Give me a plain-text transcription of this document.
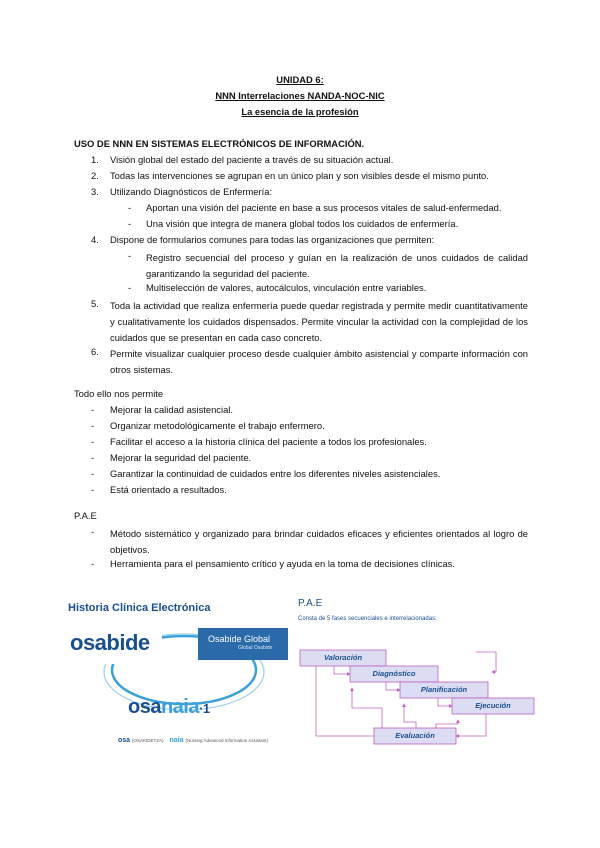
UNIDAD 6:
NNN Interrelaciones NANDA-NOC-NIC
La esencia de la profesión
USO DE NNN EN SISTEMAS ELECTRÓNICOS DE INFORMACIÓN.
1. Visión global del estado del paciente a través de su situación actual.
2. Todas las intervenciones se agrupan en un único plan y son visibles desde el mismo punto.
3. Utilizando Diagnósticos de Enfermería:
- Aportan una visión del paciente en base a sus procesos vitales de salud-enfermedad.
- Una visión que integra de manera global todos los cuidados de enfermería.
4. Dispone de formularios comunes para todas las organizaciones que permiten:
- Registro secuencial del proceso y guían en la realización de unos cuidados de calidad garantizando la seguridad del paciente.
- Multiselección de valores, autocálculos, vinculación entre variables.
5. Toda la actividad que realiza enfermería puede quedar registrada y permite medir cuantitativamente y cualitativamente los cuidados dispensados. Permite vincular la actividad con la complejidad de los cuidados que se presentan en cada caso concreto.
6. Permite visualizar cualquier proceso desde cualquier ámbito asistencial y comparte información con otros sistemas.
Todo ello nos permite
- Mejorar la calidad asistencial.
- Organizar metodológicamente el trabajo enfermero.
- Facilitar el acceso a la historia clínica del paciente a todos los profesionales.
- Mejorar la seguridad del paciente.
- Garantizar la continuidad de cuidados entre los diferentes niveles asistenciales.
- Está orientado a resultados.
P.A.E
- Método sistemático y organizado para brindar cuidados eficaces y eficientes orientados al logro de objetivos.
- Herramienta para el pensamiento crítico y ayuda en la toma de decisiones clínicas.
Historia Clínica Electrónica
osabide	Osabide Global
Global Osabide
osanaia·1
osa (OSAKIDETZA) naia (Nursing Advanced Information Assistant)
P.A.E
Consta de 5 fases secuenciales e interrelacionadas:
Valoración
Diagnóstico
Planificación
Ejecución
Evaluación
